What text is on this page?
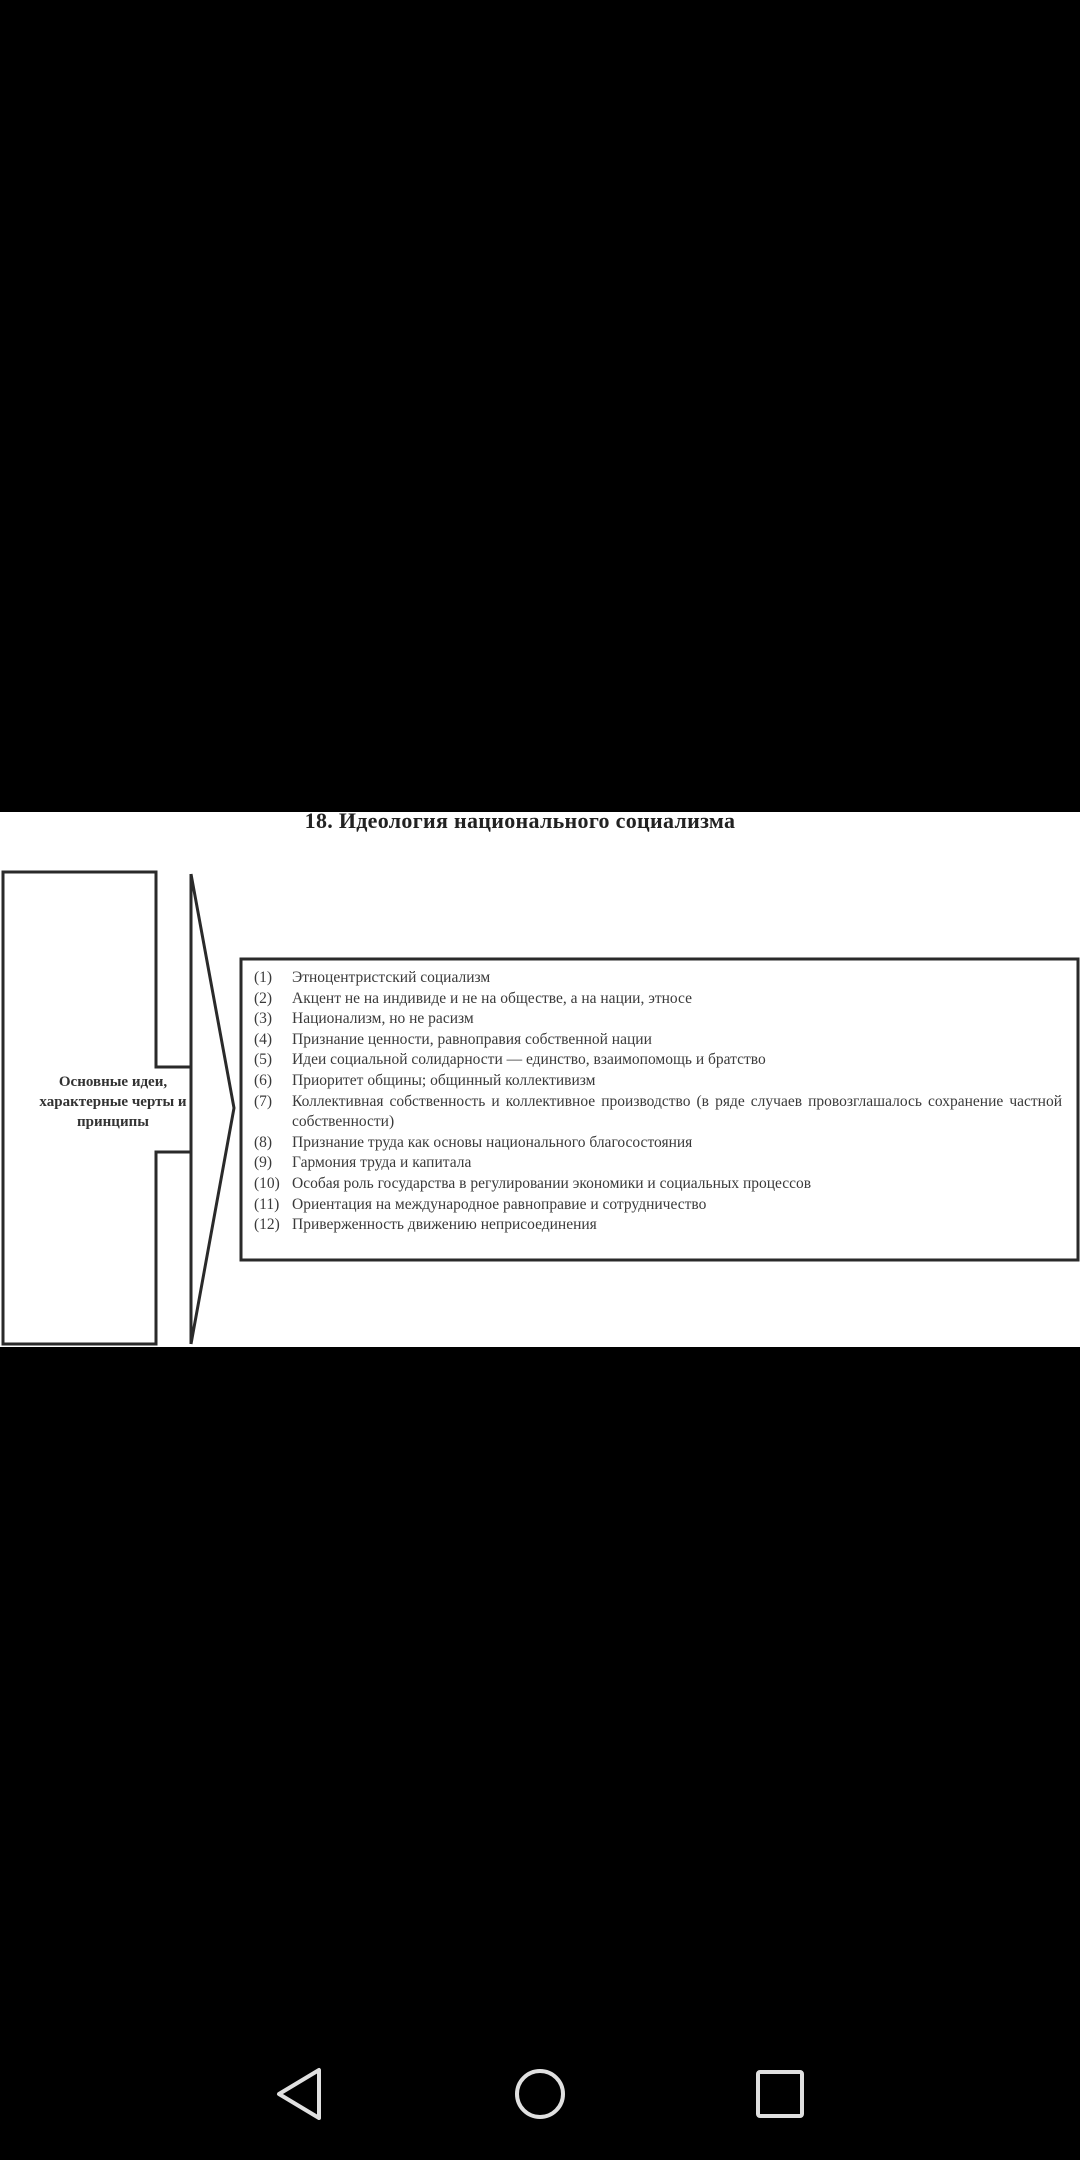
18. Идеология национального социализма
Основные идеи, характерные черты и принципы
(1)	Этноцентристский социализм
(2)	Акцент не на индивиде и не на обществе, а на нации, этносе
(3)	Национализм, но не расизм
(4)	Признание ценности, равноправия собственной нации
(5)	Идеи социальной солидарности — единство, взаимопомощь и братство
(6)	Приоритет общины; общинный коллективизм
(7)	Коллективная собственность и коллективное производство (в ряде случаев провозглашалось сохранение частной собственности)
(8)	Признание труда как основы национального благосостояния
(9)	Гармония труда и капитала
(10) Особая роль государства в регулировании экономики и социальных процессов
(11) Ориентация на международное равноправие и сотрудничество
(12) Приверженность движению неприсоединения
